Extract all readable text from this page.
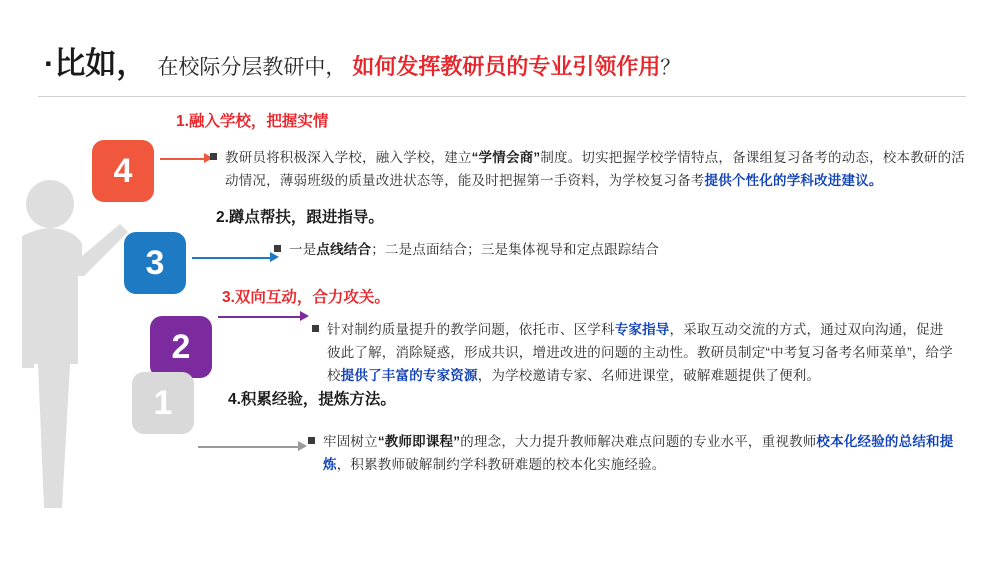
·比如， 在校际分层教研中， 如何发挥教研员的专业引领作用 ？
4
3
2
1
1.融入学校，把握实情
教研员将积极深入学校，融入学校，建立“学情会商”制度。切实把握学校学情特点，备课组复习备考的动态，校本教研的活动情况，薄弱班级的质量改进状态等，能及时把握第一手资料，为学校复习备考提供个性化的学科改进建议。
2.蹲点帮扶，跟进指导。
一是点线结合；二是点面结合；三是集体视导和定点跟踪结合
3.双向互动，合力攻关。
针对制约质量提升的教学问题，依托市、区学科专家指导，采取互动交流的方式，通过双向沟通，促进彼此了解，消除疑惑，形成共识，增进改进的问题的主动性。教研员制定“中考复习备考名师菜单”，给学校提供了丰富的专家资源，为学校邀请专家、名师进课堂，破解难题提供了便利。
4.积累经验，提炼方法。
牢固树立“教师即课程”的理念，大力提升教师解决难点问题的专业水平，重视教师校本化经验的总结和提炼，积累教师破解制约学科教研难题的校本化实施经验。
